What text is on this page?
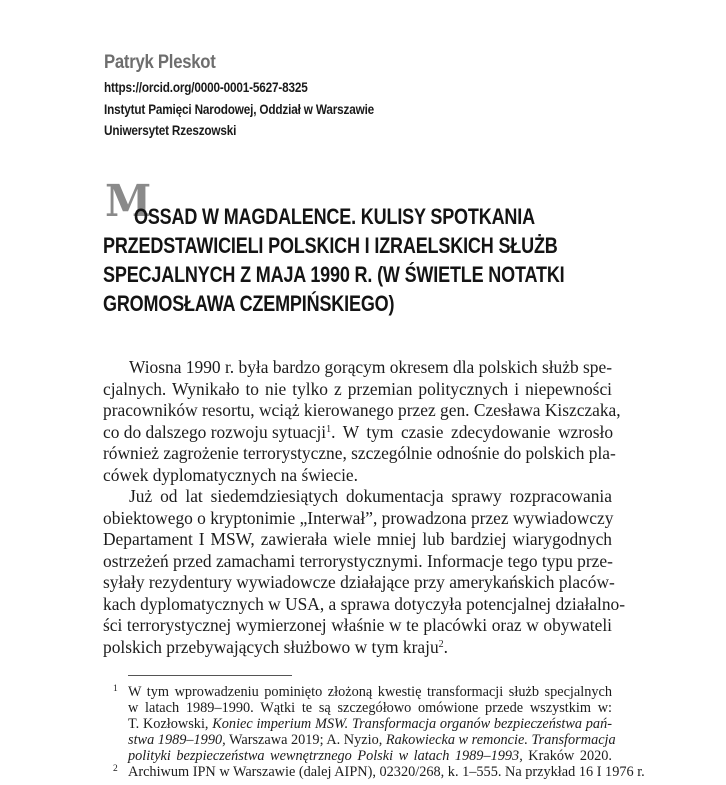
Patryk Pleskot
https://orcid.org/0000-0001-5627-8325
Instytut Pamięci Narodowej, Oddział w Warszawie
Uniwersytet Rzeszowski
M
OSSAD W MAGDALENCE. KULISY SPOTKANIA
PRZEDSTAWICIELI POLSKICH I IZRAELSKICH SŁUŻB
SPECJALNYCH Z MAJA 1990 R. (W ŚWIETLE NOTATKI
GROMOSŁAWA CZEMPIŃSKIEGO)
Wiosna 1990 r. była bardzo gorącym okresem dla polskich służb spe-
cjalnych. Wynikało to nie tylko z przemian politycznych i niepewności
pracowników resortu, wciąż kierowanego przez gen. Czesława Kiszczaka,
co do dalszego rozwoju sytuacji$^1$. W tym czasie zdecydowanie wzrosło
również zagrożenie terrorystyczne, szczególnie odnośnie do polskich pla-
cówek dyplomatycznych na świecie.
Już od lat siedemdziesiątych dokumentacja sprawy rozpracowania
obiektowego o kryptonimie „Interwał”, prowadzona przez wywiadowczy
Departament I MSW, zawierała wiele mniej lub bardziej wiarygodnych
ostrzeżeń przed zamachami terrorystycznymi. Informacje tego typu prze-
syłały rezydentury wywiadowcze działające przy amerykańskich placów-
kach dyplomatycznych w USA, a sprawa dotyczyła potencjalnej działalno-
ści terrorystycznej wymierzonej właśnie w te placówki oraz w obywateli
polskich przebywających służbowo w tym kraju$^2$.
1 W tym wprowadzeniu pominięto złożoną kwestię transformacji służb specjalnych
w latach 1989–1990. Wątki te są szczegółowo omówione przede wszystkim w:
T. Kozłowski, Koniec imperium MSW. Transformacja organów bezpieczeństwa pań-
stwa 1989–1990, Warszawa 2019; A. Nyzio, Rakowiecka w remoncie. Transformacja
polityki bezpieczeństwa wewnętrznego Polski w latach 1989–1993, Kraków 2020.
2 Archiwum IPN w Warszawie (dalej AIPN), 02320/268, k. 1–555. Na przykład 16 I 1976 r.
